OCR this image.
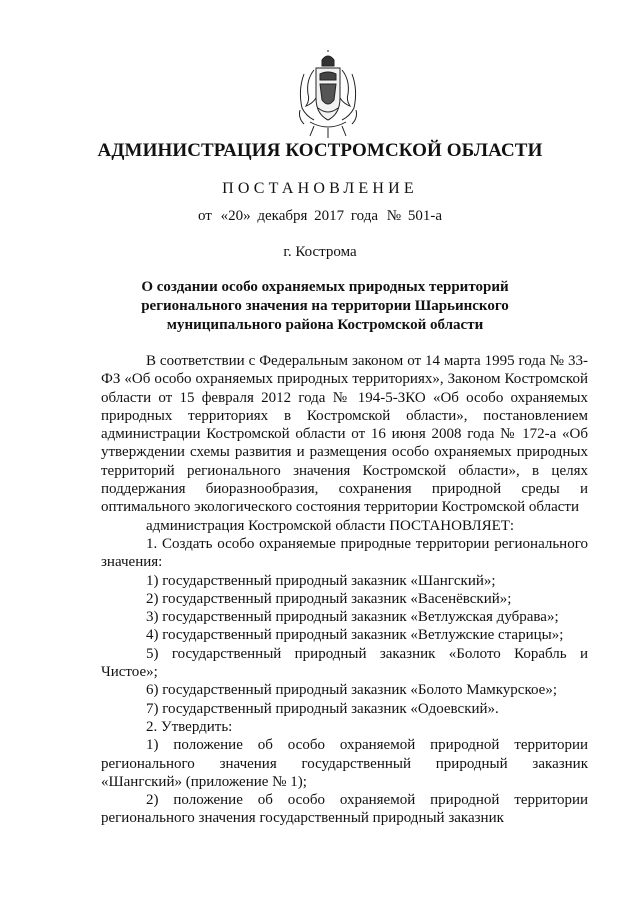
АДМИНИСТРАЦИЯ КОСТРОМСКОЙ ОБЛАСТИ
ПОСТАНОВЛЕНИЕ
от «20» декабря 2017 года № 501-а
г. Кострома
О создании особо охраняемых природных территорий регионального значения на территории Шарьинского муниципального района Костромской области

В соответствии с Федеральным законом от 14 марта 1995 года № 33-ФЗ «Об особо охраняемых природных территориях», Законом Костромской области от 15 февраля 2012 года № 194-5-ЗКО «Об особо охраняемых природных территориях в Костромской области», постановлением администрации Костромской области от 16 июня 2008 года № 172-а «Об утверждении схемы развития и размещения особо охраняемых природных территорий регионального значения Костромской области», в целях поддержания биоразнообразия, сохранения природной среды и оптимального экологического состояния территории Костромской области

администрация Костромской области ПОСТАНОВЛЯЕТ:

1. Создать особо охраняемые природные территории регионального значения:

1) государственный природный заказник «Шангский»;

2) государственный природный заказник «Васенёвский»;

3) государственный природный заказник «Ветлужская дубрава»;

4) государственный природный заказник «Ветлужские старицы»;

5) государственный природный заказник «Болото Корабль и Чистое»;

6) государственный природный заказник «Болото Мамкурское»;

7) государственный природный заказник «Одоевский».

2. Утвердить:

1) положение об особо охраняемой природной территории регионального значения государственный природный заказник «Шангский» (приложение № 1);

2) положение об особо охраняемой природной территории регионального значения государственный природный заказник
